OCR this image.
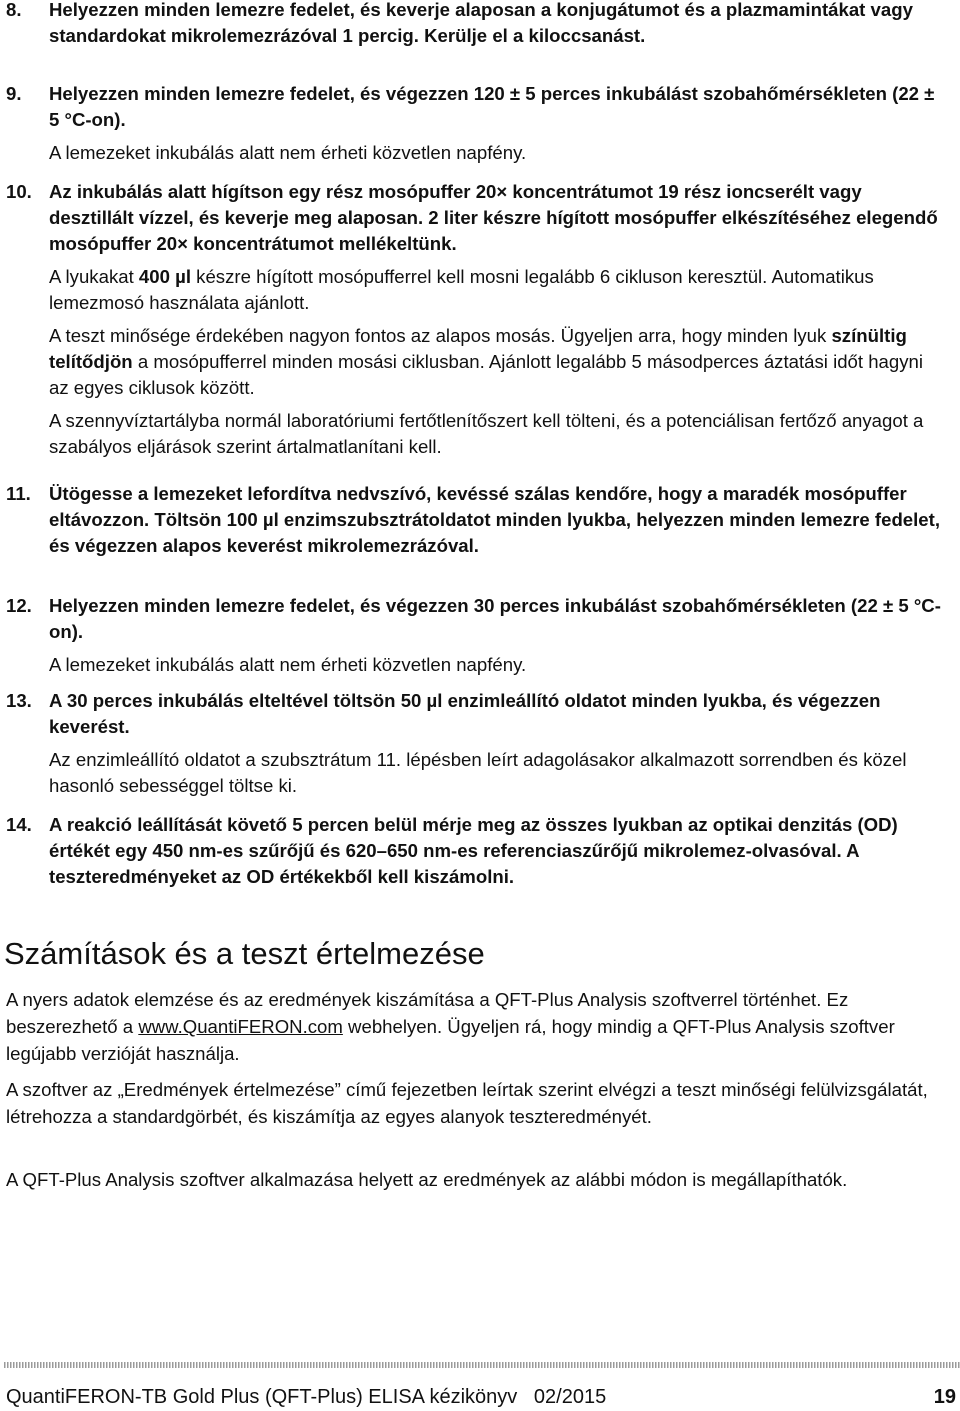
8. Helyezzen minden lemezre fedelet, és keverje alaposan a konjugátumot és a plazmamintákat vagy standardokat mikrolemezrázóval 1 percig. Kerülje el a kiloccsanást.

9. Helyezzen minden lemezre fedelet, és végezzen 120 ± 5 perces inkubálást szobahőmérsékleten (22 ± 5 °C-on).

A lemezeket inkubálás alatt nem érheti közvetlen napfény.

10. Az inkubálás alatt hígítson egy rész mosópuffer 20× koncentrátumot 19 rész ioncserélt vagy desztillált vízzel, és keverje meg alaposan. 2 liter készre hígított mosópuffer elkészítéséhez elegendő mosópuffer 20× koncentrátumot mellékeltünk.

A lyukakat 400 µl készre hígított mosópufferrel kell mosni legalább 6 cikluson keresztül. Automatikus lemezmosó használata ajánlott.

A teszt minősége érdekében nagyon fontos az alapos mosás. Ügyeljen arra, hogy minden lyuk színültig telítődjön a mosópufferrel minden mosási ciklusban. Ajánlott legalább 5 másodperces áztatási időt hagyni az egyes ciklusok között.

A szennyvíztartályba normál laboratóriumi fertőtlenítőszert kell tölteni, és a potenciálisan fertőző anyagot a szabályos eljárások szerint ártalmatlanítani kell.

11. Ütögesse a lemezeket lefordítva nedvszívó, kevéssé szálas kendőre, hogy a maradék mosópuffer eltávozzon. Töltsön 100 µl enzimszubsztrátoldatot minden lyukba, helyezzen minden lemezre fedelet, és végezzen alapos keverést mikrolemezrázóval.

12. Helyezzen minden lemezre fedelet, és végezzen 30 perces inkubálást szobahőmérsékleten (22 ± 5 °C-on).

A lemezeket inkubálás alatt nem érheti közvetlen napfény.

13. A 30 perces inkubálás elteltével töltsön 50 µl enzimleállító oldatot minden lyukba, és végezzen keverést.

Az enzimleállító oldatot a szubsztrátum 11. lépésben leírt adagolásakor alkalmazott sorrendben és közel hasonló sebességgel töltse ki.

14. A reakció leállítását követő 5 percen belül mérje meg az összes lyukban az optikai denzitás (OD) értékét egy 450 nm-es szűrőjű és 620–650 nm-es referenciaszűrőjű mikrolemez-olvasóval. A teszteredményeket az OD értékekből kell kiszámolni.

Számítások és a teszt értelmezése

A nyers adatok elemzése és az eredmények kiszámítása a QFT-Plus Analysis szoftverrel történhet. Ez beszerezhető a www.QuantiFERON.com webhelyen. Ügyeljen rá, hogy mindig a QFT-Plus Analysis szoftver legújabb verzióját használja.

A szoftver az „Eredmények értelmezése” című fejezetben leírtak szerint elvégzi a teszt minőségi felülvizsgálatát, létrehozza a standardgörbét, és kiszámítja az egyes alanyok teszteredményét.

A QFT-Plus Analysis szoftver alkalmazása helyett az eredmények az alábbi módon is megállapíthatók.

QuantiFERON-TB Gold Plus (QFT-Plus) ELISA kézikönyv   02/2015	19
